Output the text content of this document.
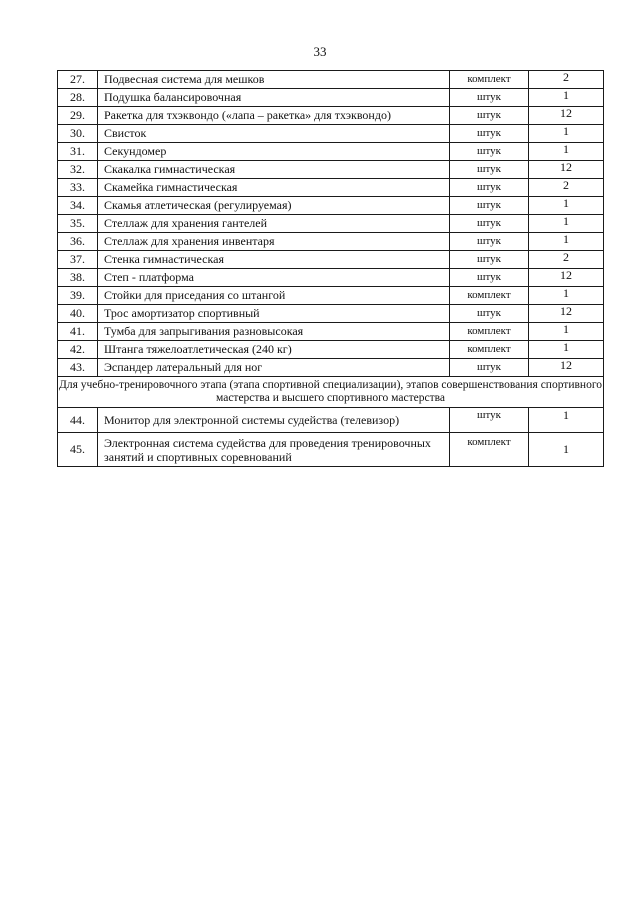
33
27.	Подвесная система для мешков	комплект	2
28.	Подушка балансировочная	штук	1
29.	Ракетка для тхэквондо («лапа – ракетка» для тхэквондо)	штук	12
30.	Свисток	штук	1
31.	Секундомер	штук	1
32.	Скакалка гимнастическая	штук	12
33.	Скамейка гимнастическая	штук	2
34.	Скамья атлетическая (регулируемая)	штук	1
35.	Стеллаж для хранения гантелей	штук	1
36.	Стеллаж для хранения инвентаря	штук	1
37.	Стенка гимнастическая	штук	2
38.	Степ - платформа	штук	12
39.	Стойки для приседания со штангой	комплект	1
40.	Трос амортизатор спортивный	штук	12
41.	Тумба для запрыгивания разновысокая	комплект	1
42.	Штанга тяжелоатлетическая (240 кг)	комплект	1
43.	Эспандер латеральный для ног	штук	12
Для учебно-тренировочного этапа (этапа спортивной специализации), этапов совершенствования спортивного мастерства и высшего спортивного мастерства			
44.	Монитор для электронной системы судейства (телевизор)	штук	1
45.	Электронная система судейства для проведения тренировочных занятий и спортивных соревнований	комплект	1
